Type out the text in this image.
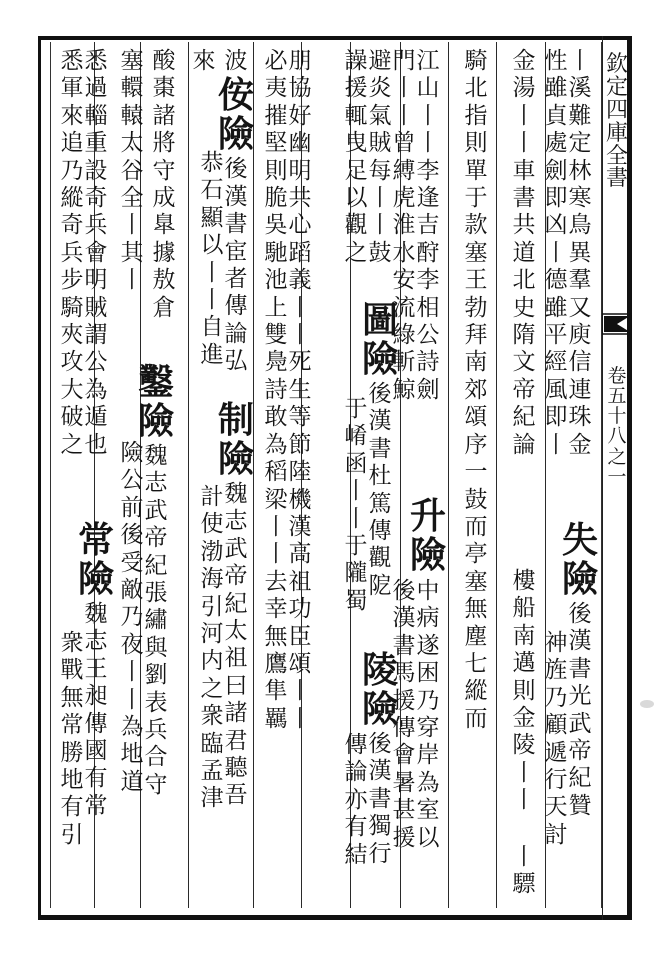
欽
定
四
庫
全
書
卷
五
十
八
之
一
丨
溪
難
定
林
寒
鳥
異
羣
又
庾
信
連
珠
金
性
雖
貞
處
劍
即
凶
丨
德
雖
平
經
風
即
丨
失
險
後
漢
書
光
武
帝
紀
贊
金
湯
丨
丨
車
書
共
道
北
史
隋
文
帝
紀
論
樓
船
南
邁
則
金
陵
丨
丨
神
旌
乃
顧
遞
行
天
討
騎
北
指
則
單
于
款
塞
王
勃
拜
南
郊
頌
序
一
鼓
而
亭
塞
無
塵
七
縱
而
丨
驃
江
山
丨
丨
李
逢
吉
酧
李
相
公
詩
劍
升
險
門
丨
丨
曾
縛
虎
淮
水
安
流
綠
斬
鯨
中
病
遂
困
乃
穿
岸
為
室
以
後
漢
書
馬
援
傳
會
暑
甚
援
避
炎
氣
賊
每
丨
丨
鼓
圖
險
後
漢
書
杜
篤
傳
觀
阸
譟
援
輒
曳
足
以
觀
之
于
崤
函
丨
丨
于
隴
蜀
陵
險
後
漢
書
獨
行
傳
論
亦
有
結
朋
協
好
幽
明
共
心
蹈
義
丨
丨
死
生
等
節
陸
機
漢
高
祖
功
臣
頌
丨
丨
必
夷
摧
堅
則
脆
吳
馳
池
上
雙
鳧
詩
敢
為
稻
梁
丨
丨
去
幸
無
鷹
隼
羈
波
侒
險
後
漢
書
宦
者
傳
論
弘
來
恭
石
顯
以
丨
丨
自
進
制
險
魏
志
武
帝
紀
太
祖
曰
諸
君
聽
吾
計
使
渤
海
引
河
内
之
衆
臨
孟
津
酸
棗
諸
將
守
成
臯
據
敖
倉
鑿
險
魏
志
武
帝
紀
張
繡
與
劉
表
兵
合
守
塞
轘
轅
太
谷
全
丨
其
丨
險
公
前
後
受
敵
乃
夜
丨
丨
為
地
道
悉
過
輜
重
設
奇
兵
會
明
賊
謂
公
為
遁
也
常
險
魏
志
王
昶
傳
國
有
常
悉
軍
來
追
乃
縱
奇
兵
步
騎
夾
攻
大
破
之
衆
戰
無
常
勝
地
有
引
